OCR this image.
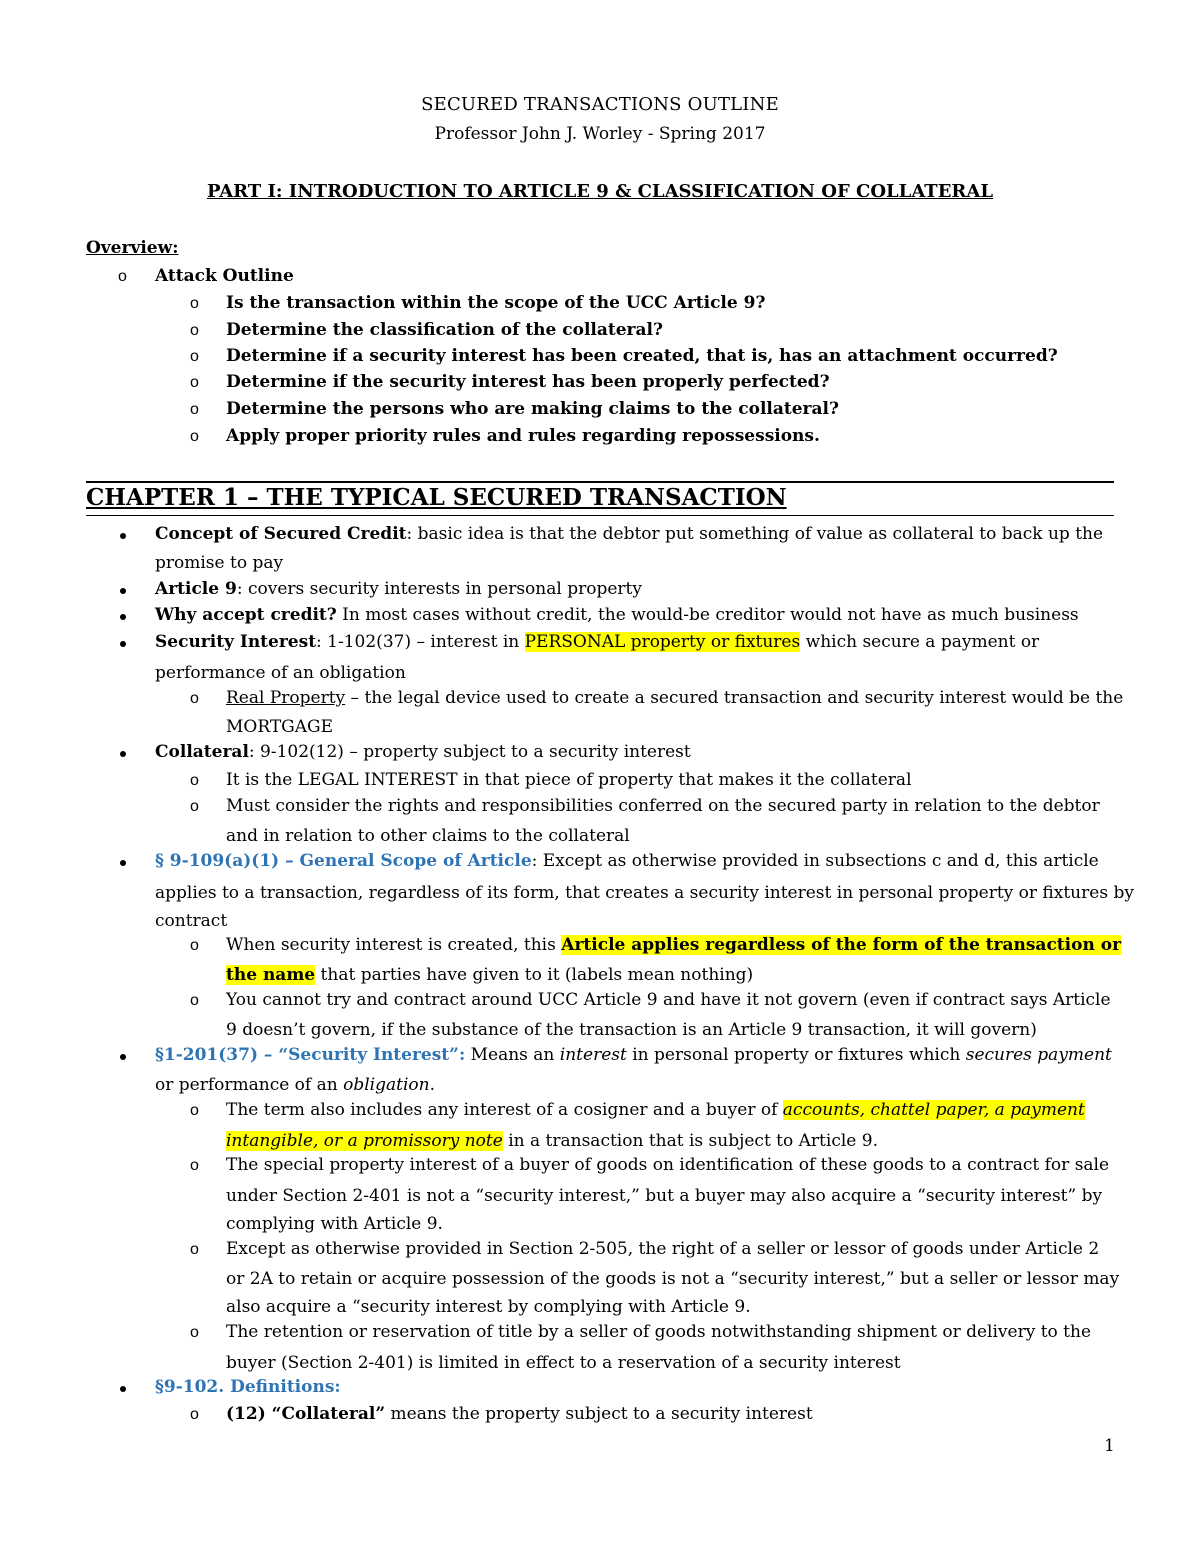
SECURED TRANSACTIONS OUTLINE
Professor John J. Worley - Spring 2017
PART I: INTRODUCTION TO ARTICLE 9 & CLASSIFICATION OF COLLATERAL
Overview:
o Attack Outline
o Is the transaction within the scope of the UCC Article 9?
o Determine the classification of the collateral?
o Determine if a security interest has been created, that is, has an attachment occurred?
o Determine if the security interest has been properly perfected?
o Determine the persons who are making claims to the collateral?
o Apply proper priority rules and rules regarding repossessions.
CHAPTER 1 – THE TYPICAL SECURED TRANSACTION
Concept of Secured Credit: basic idea is that the debtor put something of value as collateral to back up the
promise to pay
Article 9: covers security interests in personal property
Why accept credit? In most cases without credit, the would-be creditor would not have as much business
Security Interest: 1-102(37) – interest in PERSONAL property or fixtures which secure a payment or
performance of an obligation
o Real Property – the legal device used to create a secured transaction and security interest would be the
MORTGAGE
Collateral: 9-102(12) – property subject to a security interest
o It is the LEGAL INTEREST in that piece of property that makes it the collateral
o Must consider the rights and responsibilities conferred on the secured party in relation to the debtor
and in relation to other claims to the collateral
§ 9-109(a)(1) – General Scope of Article: Except as otherwise provided in subsections c and d, this article
applies to a transaction, regardless of its form, that creates a security interest in personal property or fixtures by
contract
o When security interest is created, this Article applies regardless of the form of the transaction or
the name that parties have given to it (labels mean nothing)
o You cannot try and contract around UCC Article 9 and have it not govern (even if contract says Article
9 doesn’t govern, if the substance of the transaction is an Article 9 transaction, it will govern)
§1-201(37) – “Security Interest”: Means an interest in personal property or fixtures which secures payment
or performance of an obligation.
o The term also includes any interest of a cosigner and a buyer of accounts, chattel paper, a payment
intangible, or a promissory note in a transaction that is subject to Article 9.
o The special property interest of a buyer of goods on identification of these goods to a contract for sale
under Section 2-401 is not a “security interest,” but a buyer may also acquire a “security interest” by
complying with Article 9.
o Except as otherwise provided in Section 2-505, the right of a seller or lessor of goods under Article 2
or 2A to retain or acquire possession of the goods is not a “security interest,” but a seller or lessor may
also acquire a “security interest by complying with Article 9.
o The retention or reservation of title by a seller of goods notwithstanding shipment or delivery to the
buyer (Section 2-401) is limited in effect to a reservation of a security interest
§9-102. Definitions:
o (12) “Collateral” means the property subject to a security interest
1
